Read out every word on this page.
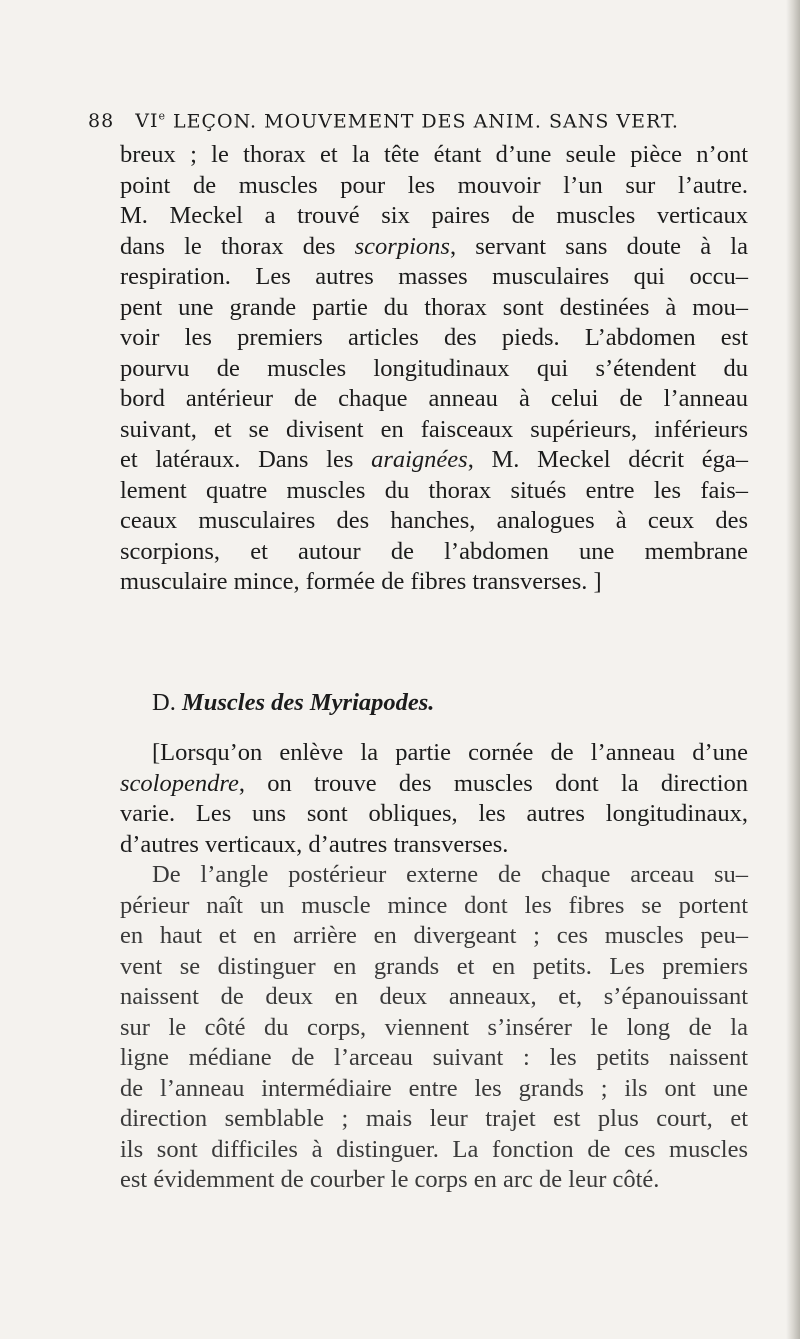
88 VIe LEÇON. MOUVEMENT DES ANIM. SANS VERT.
breux ; le thorax et la tête étant d’une seule pièce n’ont
point de muscles pour les mouvoir l’un sur l’autre.
M. Meckel a trouvé six paires de muscles verticaux
dans le thorax des scorpions, servant sans doute à la
respiration. Les autres masses musculaires qui occu–
pent une grande partie du thorax sont destinées à mou–
voir les premiers articles des pieds. L’abdomen est
pourvu de muscles longitudinaux qui s’étendent du
bord antérieur de chaque anneau à celui de l’anneau
suivant, et se divisent en faisceaux supérieurs, inférieurs
et latéraux. Dans les araignées, M. Meckel décrit éga–
lement quatre muscles du thorax situés entre les fais–
ceaux musculaires des hanches, analogues à ceux des
scorpions, et autour de l’abdomen une membrane
musculaire mince, formée de fibres transverses. ]
D. Muscles des Myriapodes.
[Lorsqu’on enlève la partie cornée de l’anneau d’une
scolopendre, on trouve des muscles dont la direction
varie. Les uns sont obliques, les autres longitudinaux,
d’autres verticaux, d’autres transverses.
De l’angle postérieur externe de chaque arceau su–
périeur naît un muscle mince dont les fibres se portent
en haut et en arrière en divergeant ; ces muscles peu–
vent se distinguer en grands et en petits. Les premiers
naissent de deux en deux anneaux, et, s’épanouissant
sur le côté du corps, viennent s’insérer le long de la
ligne médiane de l’arceau suivant : les petits naissent
de l’anneau intermédiaire entre les grands ; ils ont une
direction semblable ; mais leur trajet est plus court, et
ils sont difficiles à distinguer. La fonction de ces muscles
est évidemment de courber le corps en arc de leur côté.
